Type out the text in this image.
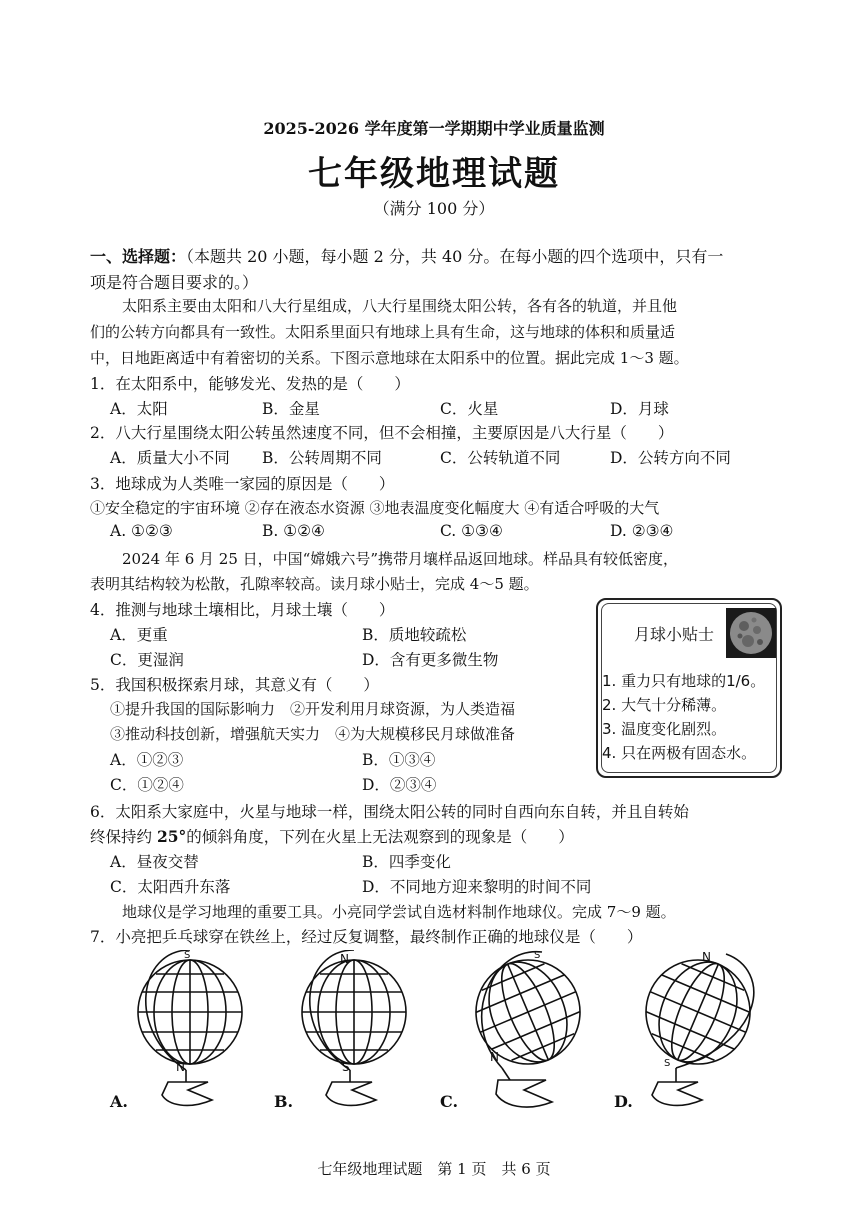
2025-2026 学年度第一学期期中学业质量监测
七年级地理试题
（满分 100 分）
一、选择题：（本题共 20 小题，每小题 2 分，共 40 分。在每小题的四个选项中，只有一
项是符合题目要求的。）
太阳系主要由太阳和八大行星组成，八大行星围绕太阳公转，各有各的轨道，并且他
们的公转方向都具有一致性。太阳系里面只有地球上具有生命，这与地球的体积和质量适
中，日地距离适中有着密切的关系。下图示意地球在太阳系中的位置。据此完成 1～3 题。
1．在太阳系中，能够发光、发热的是（　　）
A．太阳	B．金星	C．火星	D．月球
2．八大行星围绕太阳公转虽然速度不同，但不会相撞，主要原因是八大行星（　　）
A．质量大小不同 B．公转周期不同	C．公转轨道不同	D．公转方向不同
3．地球成为人类唯一家园的原因是（　　）
①安全稳定的宇宙环境 ②存在液态水资源 ③地表温度变化幅度大 ④有适合呼吸的大气
A. ①②③	B. ①②④	C. ①③④	D. ②③④
2024 年 6 月 25 日，中国“嫦娥六号”携带月壤样品返回地球。样品具有较低密度，
表明其结构较为松散，孔隙率较高。读月球小贴士，完成 4～5 题。
4．推测与地球土壤相比，月球土壤（　　）
A．更重	B．质地较疏松
C．更湿润	D．含有更多微生物
5．我国积极探索月球，其意义有（　　）
①提升我国的国际影响力　②开发利用月球资源，为人类造福
③推动科技创新，增强航天实力　④为大规模移民月球做准备
A．①②③	B．①③④
C．①②④	D．②③④
月球小贴士
1. 重力只有地球的1/6。
2. 大气十分稀薄。
3. 温度变化剧烈。
4. 只在两极有固态水。
6．太阳系大家庭中，火星与地球一样，围绕太阳公转的同时自西向东自转，并且自转始
终保持约 25°的倾斜角度，下列在火星上无法观察到的现象是（　　）
A．昼夜交替	B．四季变化
C．太阳西升东落	D．不同地方迎来黎明的时间不同
地球仪是学习地理的重要工具。小亮同学尝试自选材料制作地球仪。完成 7～9 题。
7．小亮把乒乓球穿在铁丝上，经过反复调整，最终制作正确的地球仪是（　　）
S
N
A.
N
S
B.
S
N
C.
N
S
D.
七年级地理试题　第 1 页　共 6 页
